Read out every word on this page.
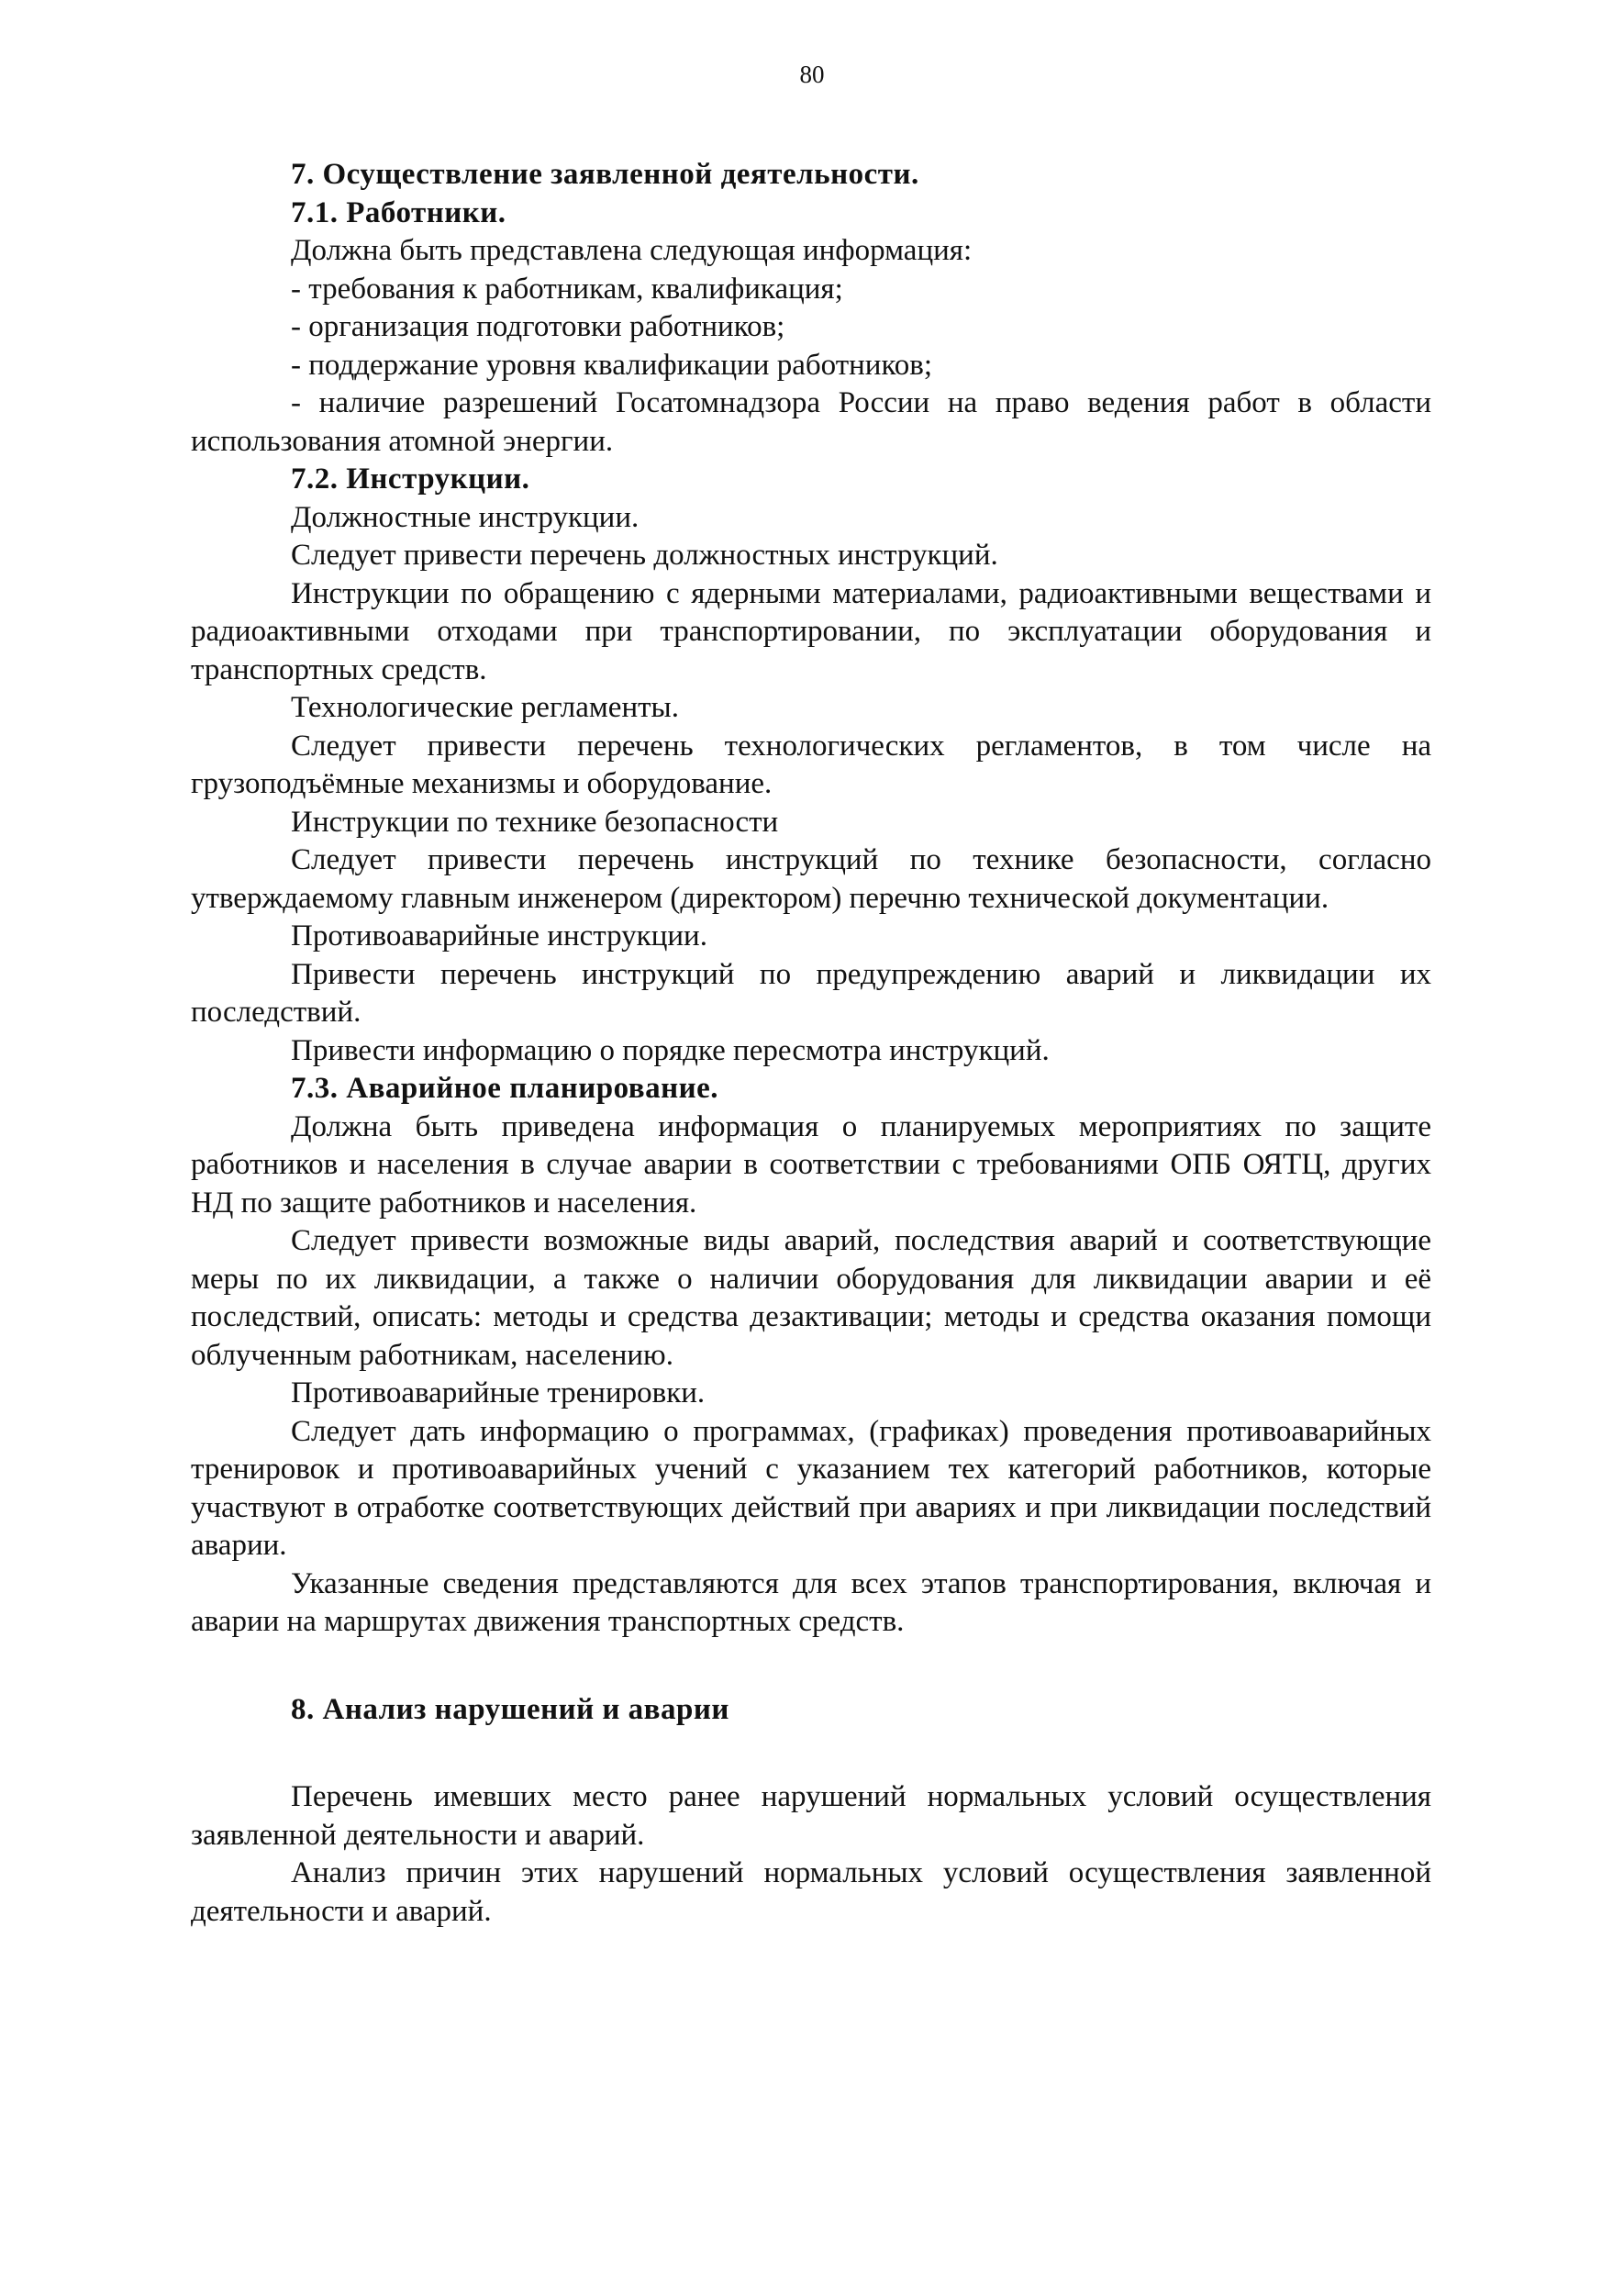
80

7. Осуществление заявленной деятельности.

7.1. Работники.

Должна быть представлена следующая информация:

- требования к работникам, квалификация;

- организация подготовки работников;

- поддержание уровня квалификации работников;

- наличие разрешений Госатомнадзора России на право ведения работ в области использования атомной энергии.

7.2. Инструкции.

Должностные инструкции.

Следует привести перечень должностных инструкций.

Инструкции по обращению с ядерными материалами, радиоактивными веществами и радиоактивными отходами при транспортировании, по эксплуатации оборудования и транспортных средств.

Технологические регламенты.

Следует привести перечень технологических регламентов, в том числе на грузоподъёмные механизмы и оборудование.

Инструкции по технике безопасности

Следует привести перечень инструкций по технике безопасности, согласно утверждаемому главным инженером (директором) перечню технической документации.

Противоаварийные инструкции.

Привести перечень инструкций по предупреждению аварий и ликвидации их последствий.

Привести информацию о порядке пересмотра инструкций.

7.3. Аварийное планирование.

Должна быть приведена информация о планируемых мероприятиях по защите работников и населения в случае аварии в соответствии с требованиями ОПБ ОЯТЦ, других НД по защите работников и населения.

Следует привести возможные виды аварий, последствия аварий и соответствующие меры по их ликвидации, а также о наличии оборудования для ликвидации аварии и её последствий, описать: методы и средства дезактивации; методы и средства оказания помощи облученным работникам, населению.

Противоаварийные тренировки.

Следует дать информацию о программах, (графиках) проведения противоаварийных тренировок и противоаварийных учений с указанием тех категорий работников, которые участвуют в отработке соответствующих действий при авариях и при ликвидации последствий аварии.

Указанные сведения представляются для всех этапов транспортирования, включая и аварии на маршрутах движения транспортных средств.

8. Анализ нарушений и аварии

Перечень имевших место ранее нарушений нормальных условий осуществления заявленной деятельности и аварий.

Анализ причин этих нарушений нормальных условий осуществления заявленной деятельности и аварий.
